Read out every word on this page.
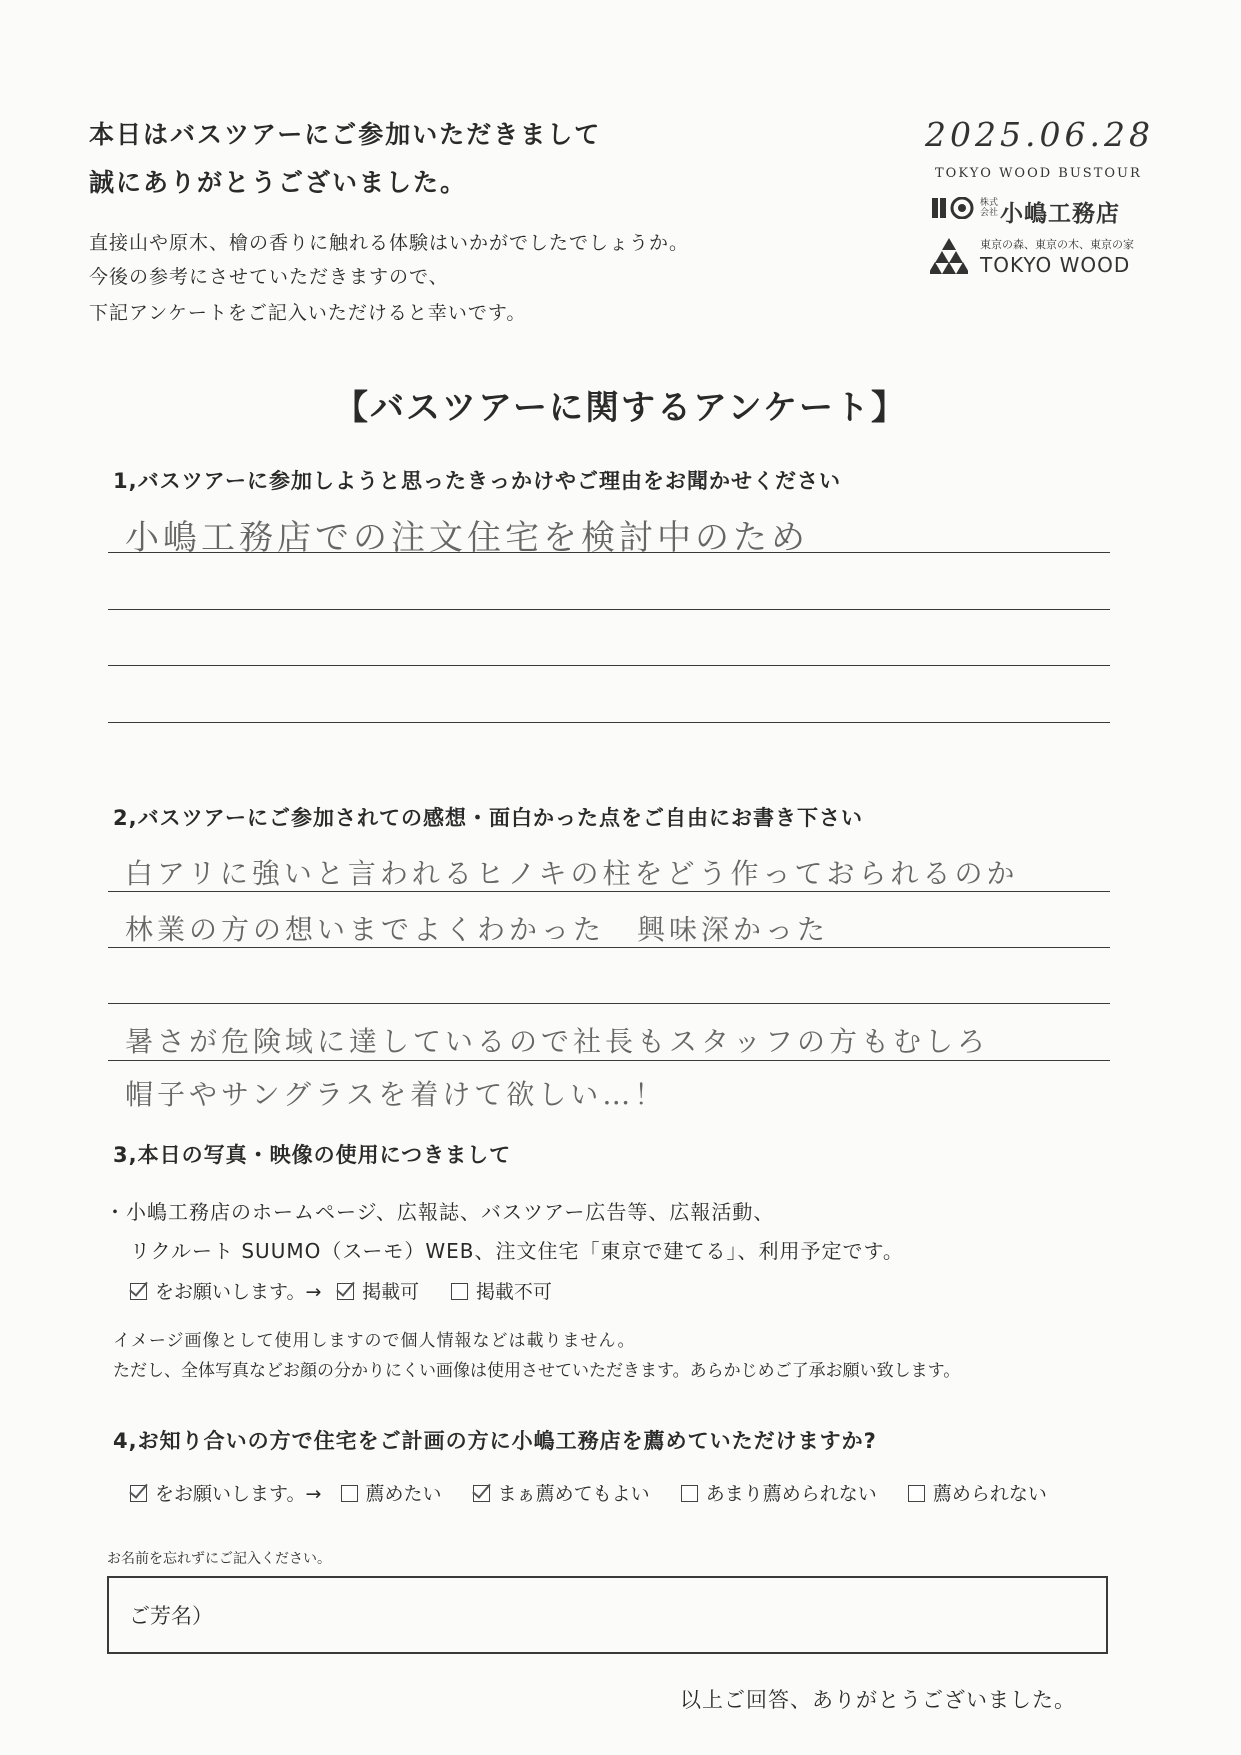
本日はバスツアーにご参加いただきまして
誠にありがとうございました。
直接山や原木、檜の香りに触れる体験はいかがでしたでしょうか。
今後の参考にさせていただきますので、
下記アンケートをご記入いただけると幸いです。
2025.06.28
TOKYO WOOD BUSTOUR
株式会社 小嶋工務店
東京の森、東京の木、東京の家
TOKYO WOOD
【バスツアーに関するアンケート】
1,バスツアーに参加しようと思ったきっかけやご理由をお聞かせください
小嶋工務店での注文住宅を検討中のため
2,バスツアーにご参加されての感想・面白かった点をご自由にお書き下さい
白アリに強いと言われるヒノキの柱をどう作っておられるのか
林業の方の想いまでよくわかった　興味深かった
暑さが危険域に達しているので社長もスタッフの方もむしろ
帽子やサングラスを着けて欲しい…！
3,本日の写真・映像の使用につきまして
・小嶋工務店のホームページ、広報誌、バスツアー広告等、広報活動、
リクルート SUUMO（スーモ）WEB、注文住宅「東京で建てる」、利用予定です。
をお願いします。→ 掲載可	掲載不可
イメージ画像として使用しますので個人情報などは載りません。
ただし、全体写真などお顔の分かりにくい画像は使用させていただきます。あらかじめご了承お願い致します。
4,お知り合いの方で住宅をご計画の方に小嶋工務店を薦めていただけますか?
をお願いします。→ 薦めたい	まぁ薦めてもよい	あまり薦められない	薦められない
お名前を忘れずにご記入ください。
ご芳名）
以上ご回答、ありがとうございました。
